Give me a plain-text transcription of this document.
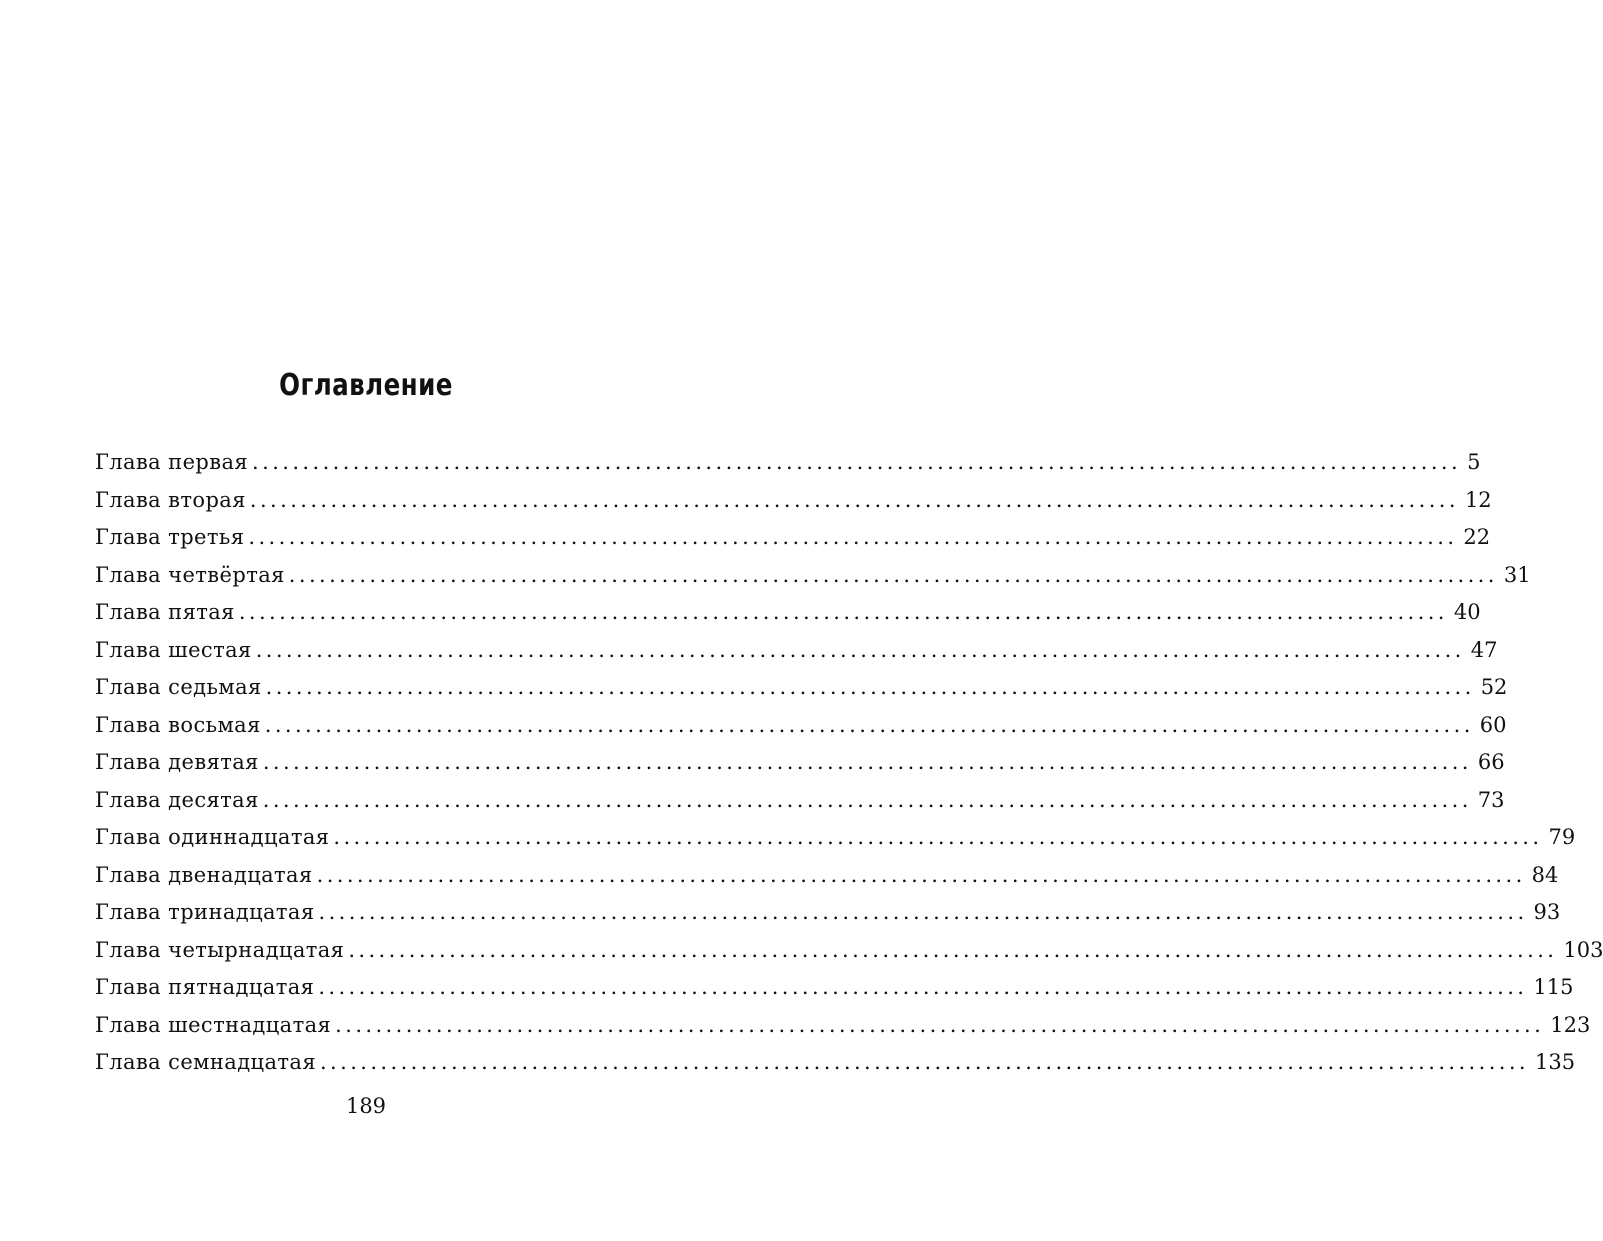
Оглавление
Глава первая ........................................................................................................................ 5
Глава вторая ........................................................................................................................ 12
Глава третья ........................................................................................................................ 22
Глава четвёртая ........................................................................................................................ 31
Глава пятая ........................................................................................................................ 40
Глава шестая ........................................................................................................................ 47
Глава седьмая ........................................................................................................................ 52
Глава восьмая ........................................................................................................................ 60
Глава девятая ........................................................................................................................ 66
Глава десятая ........................................................................................................................ 73
Глава одиннадцатая ........................................................................................................................ 79
Глава двенадцатая ........................................................................................................................ 84
Глава тринадцатая ........................................................................................................................ 93
Глава четырнадцатая ........................................................................................................................ 103
Глава пятнадцатая ........................................................................................................................ 115
Глава шестнадцатая ........................................................................................................................ 123
Глава семнадцатая ........................................................................................................................ 135
189
